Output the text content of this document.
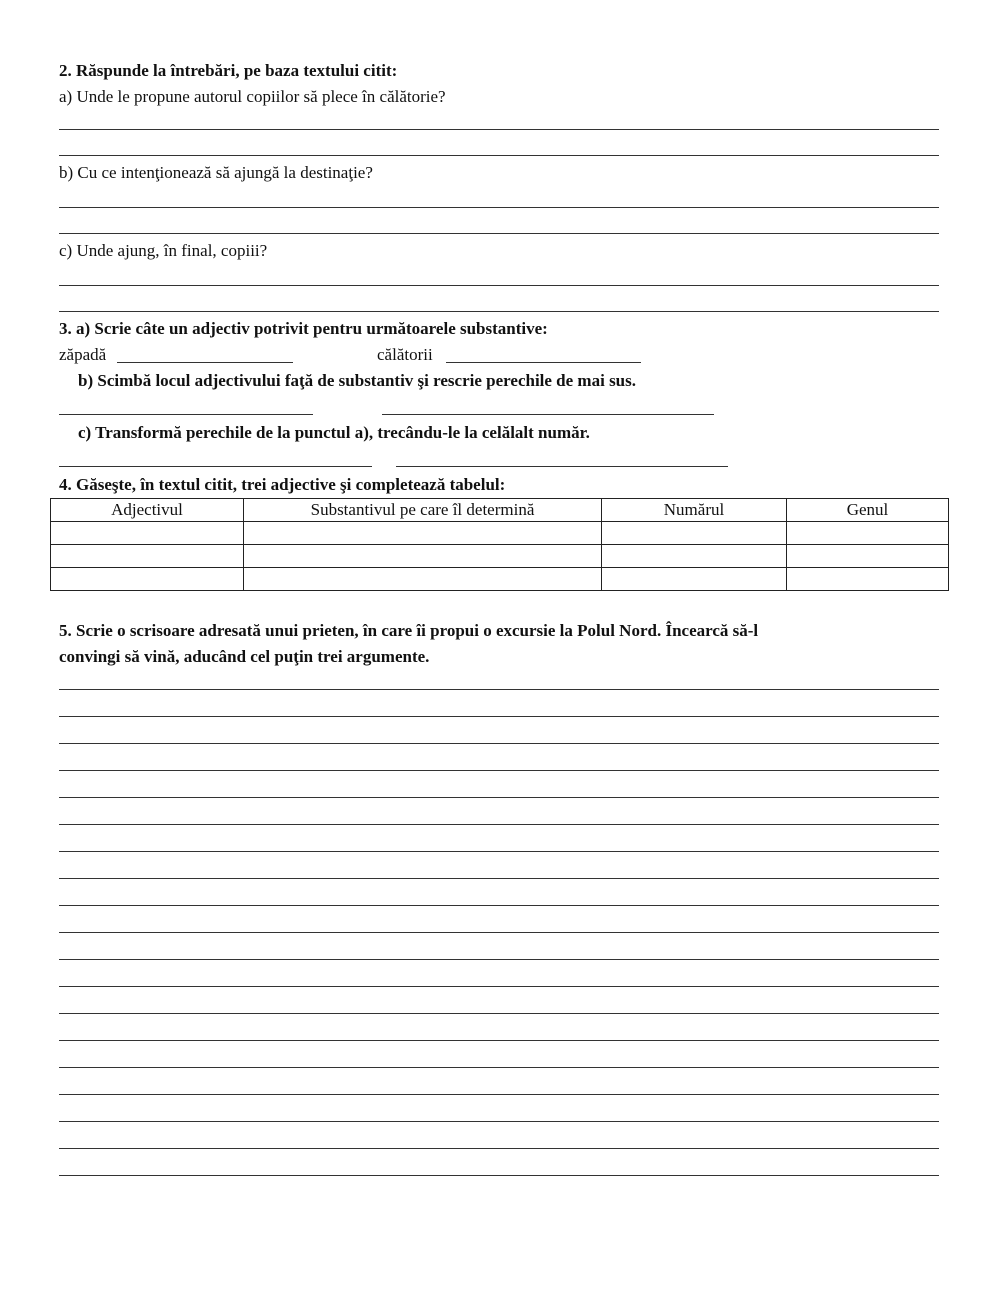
2. Răspunde la întrebări, pe baza textului citit:
a) Unde le propune autorul copiilor să plece în călătorie?
b) Cu ce intenţionează să ajungă la destinaţie?
c) Unde ajung, în final, copiii?
3. a) Scrie câte un adjectiv potrivit pentru următoarele substantive:
zăpadă	călătorii
b) Scimbă locul adjectivului faţă de substantiv şi rescrie perechile de mai sus.
c) Transformă perechile de la punctul a), trecându-le la celălalt număr.
4. Găseşte, în textul citit, trei adjective şi completează tabelul:
Adjectivul	Substantivul pe care îl determină	Numărul	Genul

5. Scrie o scrisoare adresată unui prieten, în care îi propui o excursie la Polul Nord. Încearcă să-l
convingi să vină, aducând cel puţin trei argumente.
